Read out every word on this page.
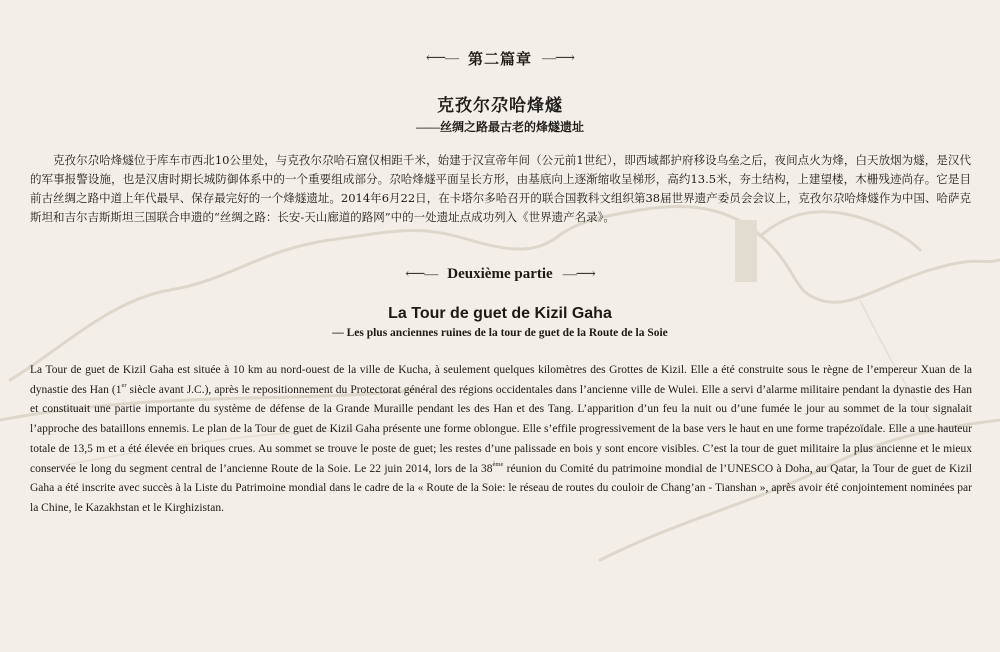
⟵— 第二篇章 —⟶
克孜尔尕哈烽燧
——丝绸之路最古老的烽燧遗址

克孜尔尕哈烽燧位于库车市西北10公里处，与克孜尔尕哈石窟仅相距千米，始建于汉宣帝年间（公元前1世纪），即西域都护府移设乌垒之后，夜间点火为烽，白天放烟为燧，是汉代的军事报警设施，也是汉唐时期长城防御体系中的一个重要组成部分。尕哈烽燧平面呈长方形，由基底向上逐渐缩收呈梯形，高约13.5米，夯土结构，上建望楼，木栅残迹尚存。它是目前古丝绸之路中道上年代最早、保存最完好的一个烽燧遗址。2014年6月22日，在卡塔尔多哈召开的联合国教科文组织第38届世界遗产委员会会议上，克孜尔尕哈烽燧作为中国、哈萨克斯坦和吉尔吉斯斯坦三国联合申遗的“丝绸之路：长安-天山廊道的路网”中的一处遗址点成功列入《世界遗产名录》。

⟵— Deuxième partie —⟶
La Tour de guet de Kizil Gaha
— Les plus anciennes ruines de la tour de guet de la Route de la Soie

La Tour de guet de Kizil Gaha est située à 10 km au nord-ouest de la ville de Kucha, à seulement quelques kilomètres des Grottes de Kizil. Elle a été construite sous le règne de l’empereur Xuan de la dynastie des Han (1er siècle avant J.C.), après le repositionnement du Protectorat général des régions occidentales dans l’ancienne ville de Wulei. Elle a servi d’alarme militaire pendant la dynastie des Han et constituait une partie importante du système de défense de la Grande Muraille pendant les des Han et des Tang. L’apparition d’un feu la nuit ou d’une fumée le jour au sommet de la tour signalait l’approche des bataillons ennemis. Le plan de la Tour de guet de Kizil Gaha présente une forme oblongue. Elle s’effile progressivement de la base vers le haut en une forme trapézoïdale. Elle a une hauteur totale de 13,5 m et a été élevée en briques crues. Au sommet se trouve le poste de guet; les restes d’une palissade en bois y sont encore visibles. C’est la tour de guet militaire la plus ancienne et le mieux conservée le long du segment central de l’ancienne Route de la Soie. Le 22 juin 2014, lors de la 38ème réunion du Comité du patrimoine mondial de l’UNESCO à Doha, au Qatar, la Tour de guet de Kizil Gaha a été inscrite avec succès à la Liste du Patrimoine mondial dans le cadre de la « Route de la Soie: le réseau de routes du couloir de Chang’an - Tianshan », après avoir été conjointement nominées par la Chine, le Kazakhstan et le Kirghizistan.
